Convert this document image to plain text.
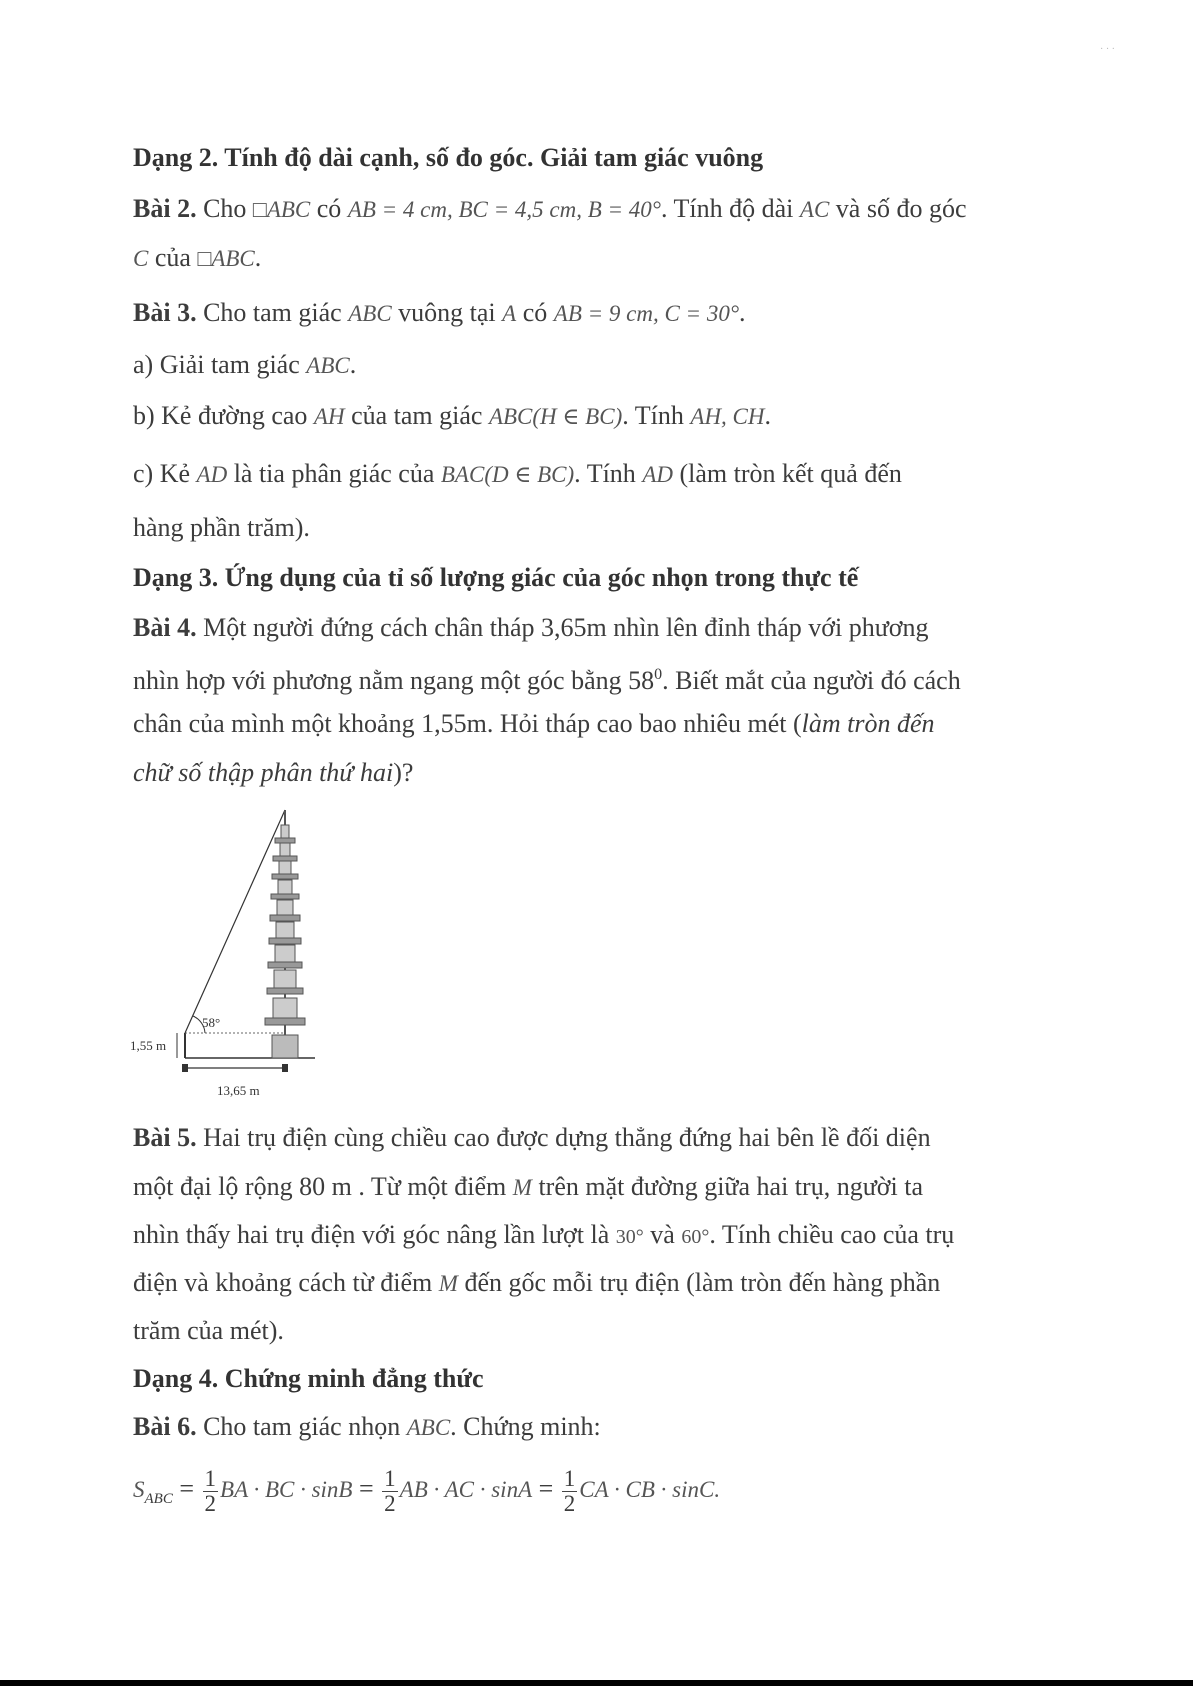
· · ·
Dạng 2. Tính độ dài cạnh, số đo góc. Giải tam giác vuông
Bài 2. Cho □ABC có AB = 4 cm, BC = 4,5 cm, B = 40°. Tính độ dài AC và số đo góc
C của □ABC.
Bài 3. Cho tam giác ABC vuông tại A có AB = 9 cm, C = 30°.
a) Giải tam giác ABC.
b) Kẻ đường cao AH của tam giác ABC(H ∈ BC). Tính AH, CH.
c) Kẻ AD là tia phân giác của BAC(D ∈ BC). Tính AD (làm tròn kết quả đến
hàng phần trăm).
Dạng 3. Ứng dụng của tỉ số lượng giác của góc nhọn trong thực tế
Bài 4. Một người đứng cách chân tháp 3,65m nhìn lên đỉnh tháp với phương
nhìn hợp với phương nằm ngang một góc bằng $58^0$. Biết mắt của người đó cách
chân của mình một khoảng 1,55m. Hỏi tháp cao bao nhiêu mét (làm tròn đến
chữ số thập phân thứ hai)?
58°
1,55 m
13,65 m
Bài 5. Hai trụ điện cùng chiều cao được dựng thẳng đứng hai bên lề đối diện
một đại lộ rộng 80 m . Từ một điểm M trên mặt đường giữa hai trụ, người ta
nhìn thấy hai trụ điện với góc nâng lần lượt là 30° và 60°. Tính chiều cao của trụ
điện và khoảng cách từ điểm M đến gốc mỗi trụ điện (làm tròn đến hàng phần
trăm của mét).
Dạng 4. Chứng minh đẳng thức
Bài 6. Cho tam giác nhọn ABC. Chứng minh:
$S_{ABC} = \frac{1}{2}$ BA · BC · $\sin B = \frac{1}{2}$ AB · AC · $\sin A = \frac{1}{2}$ CA · CB · sinC.
